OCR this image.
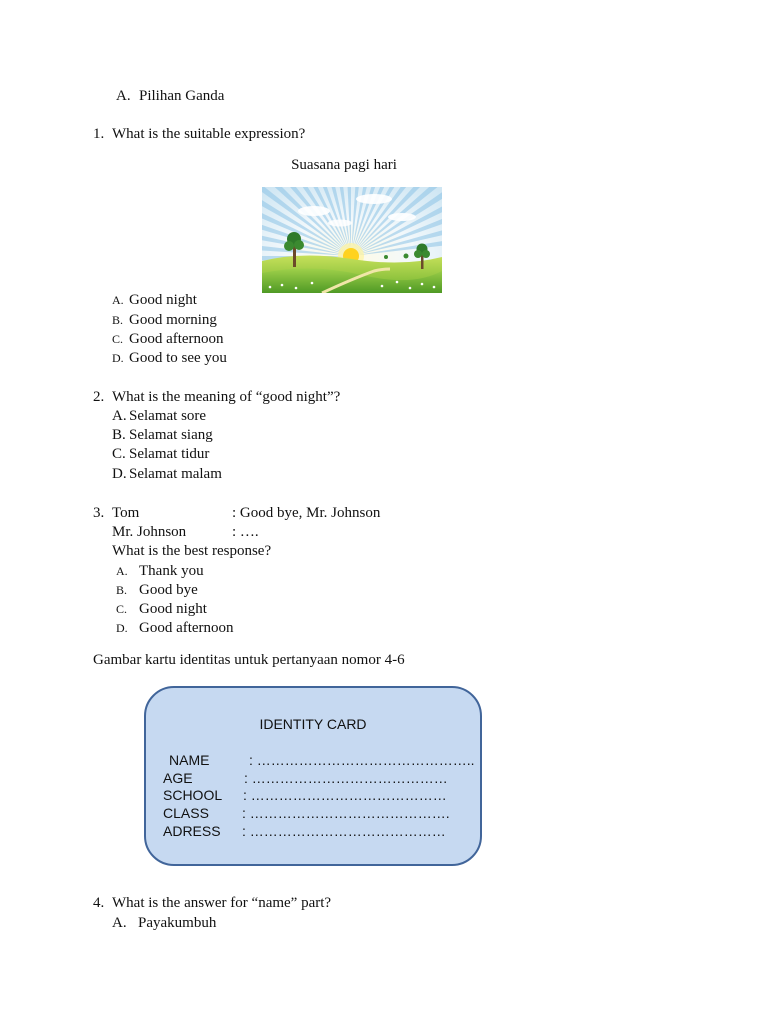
A. Pilihan Ganda
1. What is the suitable expression?
Suasana pagi hari
A. Good night
B. Good morning
C. Good afternoon
D. Good to see you
2. What is the meaning of “good night”?
A. Selamat sore
B. Selamat siang
C. Selamat tidur
D. Selamat malam
3. Tom	: Good bye, Mr. Johnson
Mr. Johnson	: ….
What is the best response?
A. Thank you
B. Good bye
C. Good night
D. Good afternoon
Gambar kartu identitas untuk pertanyaan nomor 4-6
IDENTITY CARD
NAME	: ………………………………………..
AGE	: ……………………………………
SCHOOL : ……………………………………
CLASS : …………………………………….
ADRESS : ……………………………………
4. What is the answer for “name” part?
A. Payakumbuh
